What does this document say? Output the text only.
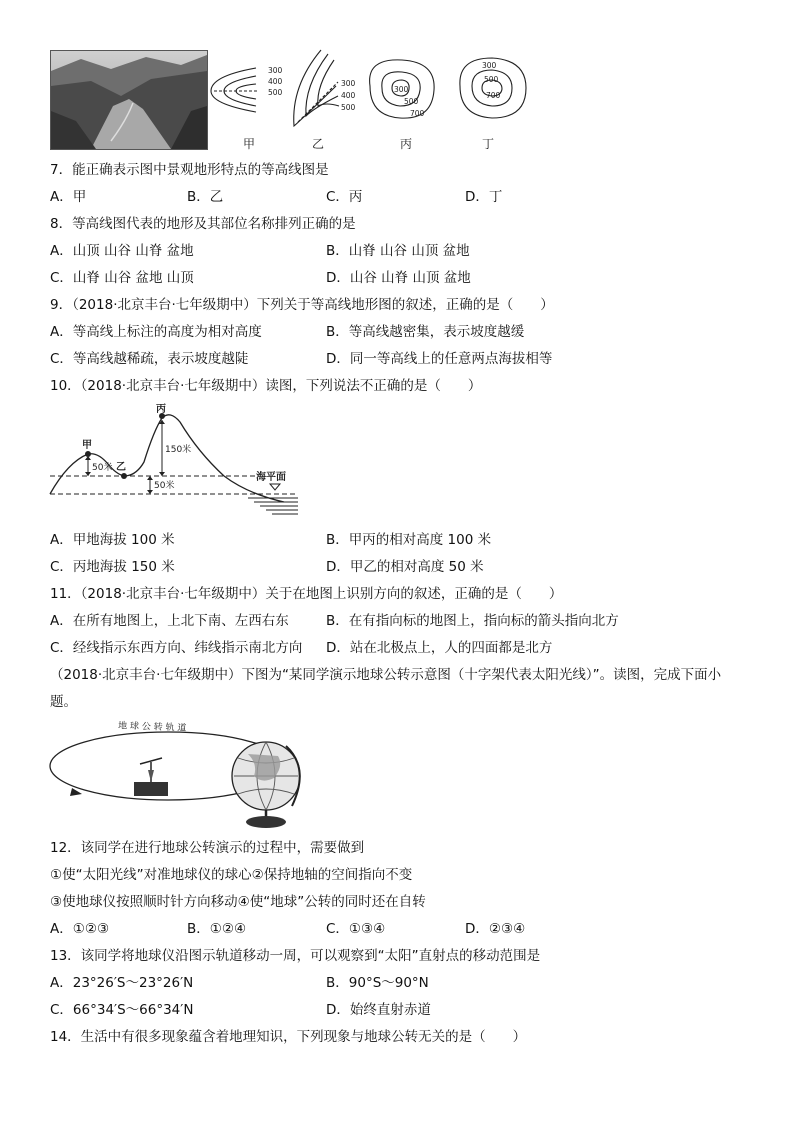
300
400
500
300
400
500
300
500
700
300
500
700
甲	乙	丙	丁
7．能正确表示图中景观地形特点的等高线图是
A．甲	B．乙	C．丙	D．丁
8．等高线图代表的地形及其部位名称排列正确的是
A．山顶 山谷 山脊 盆地	B．山脊 山谷 山顶 盆地
C．山脊 山谷 盆地 山顶	D．山谷 山脊 山顶 盆地
9．（2018·北京丰台·七年级期中）下列关于等高线地形图的叙述，正确的是（　　）
A．等高线上标注的高度为相对高度	B．等高线越密集，表示坡度越缓
C．等高线越稀疏，表示坡度越陡	D．同一等高线上的任意两点海拔相等
10．（2018·北京丰台·七年级期中）读图，下列说法不正确的是（　　）
甲
乙
丙
50米
150米
50米
海平面
A．甲地海拔 100 米	B．甲丙的相对高度 100 米
C．丙地海拔 150 米	D．甲乙的相对高度 50 米
11．（2018·北京丰台·七年级期中）关于在地图上识别方向的叙述，正确的是（　　）
A．在所有地图上，上北下南、左西右东	B．在有指向标的地图上，指向标的箭头指向北方
C．经线指示东西方向、纬线指示南北方向 D．站在北极点上，人的四面都是北方
（2018·北京丰台·七年级期中）下图为“某同学演示地球公转示意图（十字架代表太阳光线）”。读图，完成下面小
题。
地 球 公 转 轨 道
12．该同学在进行地球公转演示的过程中，需要做到
①使“太阳光线”对准地球仪的球心②保持地轴的空间指向不变
③使地球仪按照顺时针方向移动④使“地球”公转的同时还在自转
A．①②③	B．①②④	C．①③④	D．②③④
13．该同学将地球仪沿图示轨道移动一周，可以观察到“太阳”直射点的移动范围是
A．23°26′S～23°26′N	B．90°S～90°N
C．66°34′S～66°34′N	D．始终直射赤道
14．生活中有很多现象蕴含着地理知识，下列现象与地球公转无关的是（　　）
